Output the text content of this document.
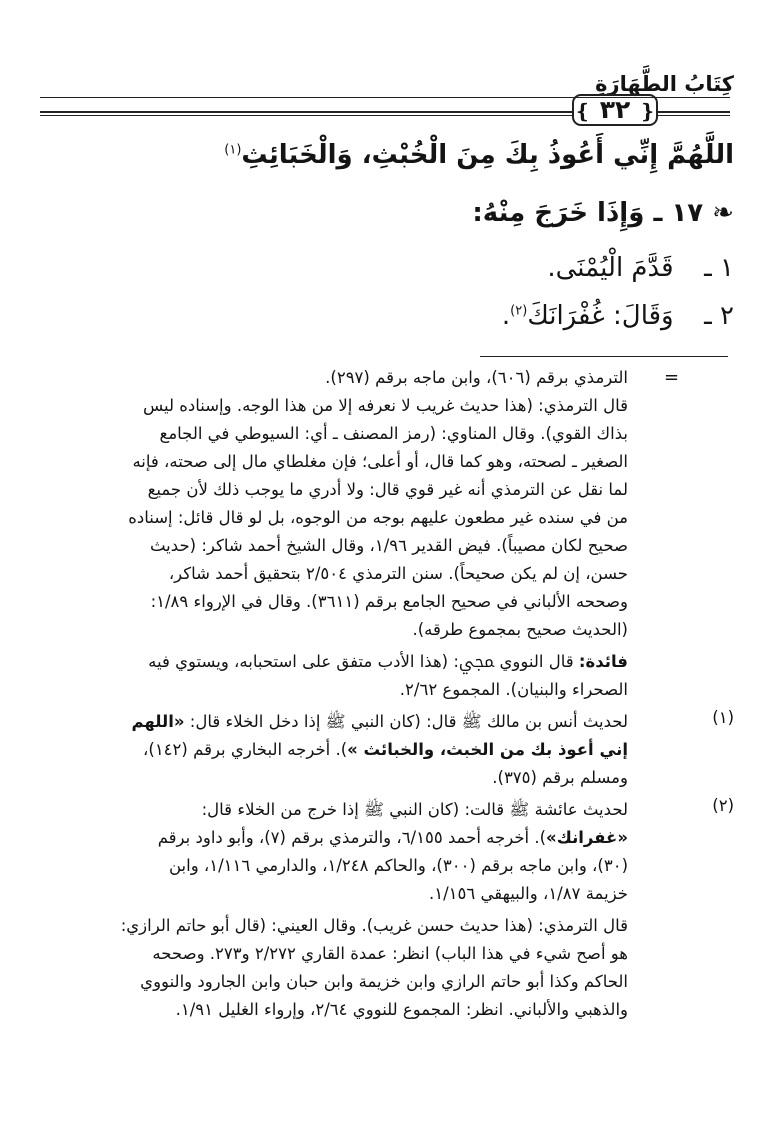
كِتَابُ الطَّهَارَةِ
❴ ٣٢ ❵
اللَّهُمَّ إِنِّي أَعُوذُ بِكَ مِنَ الْخُبْثِ، وَالْخَبَائِثِ$^{(١)}$
❧ ١٧ ـ وَإِذَا خَرَجَ مِنْهُ:
١ ـ  قَدَّمَ الْيُمْنَى.
٢ ـ  وَقَالَ: غُفْرَانَكَ$^{(٢)}$.
=
الترمذي برقم (٦٠٦)، وابن ماجه برقم (٢٩٧).
قال الترمذي: (هذا حديث غريب لا نعرفه إلا من هذا الوجه. وإسناده ليس
بذاك القوي). وقال المناوي: (رمز المصنف ـ أي: السيوطي في الجامع
الصغير ـ لصحته، وهو كما قال، أو أعلى؛ فإن مغلطاي مال إلى صحته، فإنه
لما نقل عن الترمذي أنه غير قوي قال: ولا أدري ما يوجب ذلك لأن جميع
من في سنده غير مطعون عليهم بوجه من الوجوه، بل لو قال قائل: إسناده
صحيح لكان مصيباً). فيض القدير ١/٩٦، وقال الشيخ أحمد شاكر: (حديث
حسن، إن لم يكن صحيحاً). سنن الترمذي ٢/٥٠٤ بتحقيق أحمد شاكر،
وصححه الألباني في صحيح الجامع برقم (٣٦١١). وقال في الإرواء ١/٨٩:
(الحديث صحيح بمجموع طرقه).
فائدة: قال النووي ﷀ: (هذا الأدب متفق على استحبابه، ويستوي فيه
الصحراء والبنيان). المجموع ٢/٦٢.
(١)
لحديث أنس بن مالك ﷺ قال: (كان النبي ﷺ إذا دخل الخلاء قال: «اللهم
إني أعوذ بك من الخبث، والخبائث »). أخرجه البخاري برقم (١٤٢)،
ومسلم برقم (٣٧٥).
(٢)
لحديث عائشة ﷺ قالت: (كان النبي ﷺ إذا خرج من الخلاء قال:
«غفرانك»). أخرجه أحمد ٦/١٥٥، والترمذي برقم (٧)، وأبو داود برقم
(٣٠)، وابن ماجه برقم (٣٠٠)، والحاكم ١/٢٤٨، والدارمي ١/١١٦، وابن
خزيمة ١/٨٧، والبيهقي ١/١٥٦.
قال الترمذي: (هذا حديث حسن غريب). وقال العيني: (قال أبو حاتم الرازي:
هو أصح شيء في هذا الباب) انظر: عمدة القاري ٢/٢٧٢ و٢٧٣. وصححه
الحاكم وكذا أبو حاتم الرازي وابن خزيمة وابن حبان وابن الجارود والنووي
والذهبي والألباني. انظر: المجموع للنووي ٢/٦٤، وإرواء الغليل ١/٩١.
